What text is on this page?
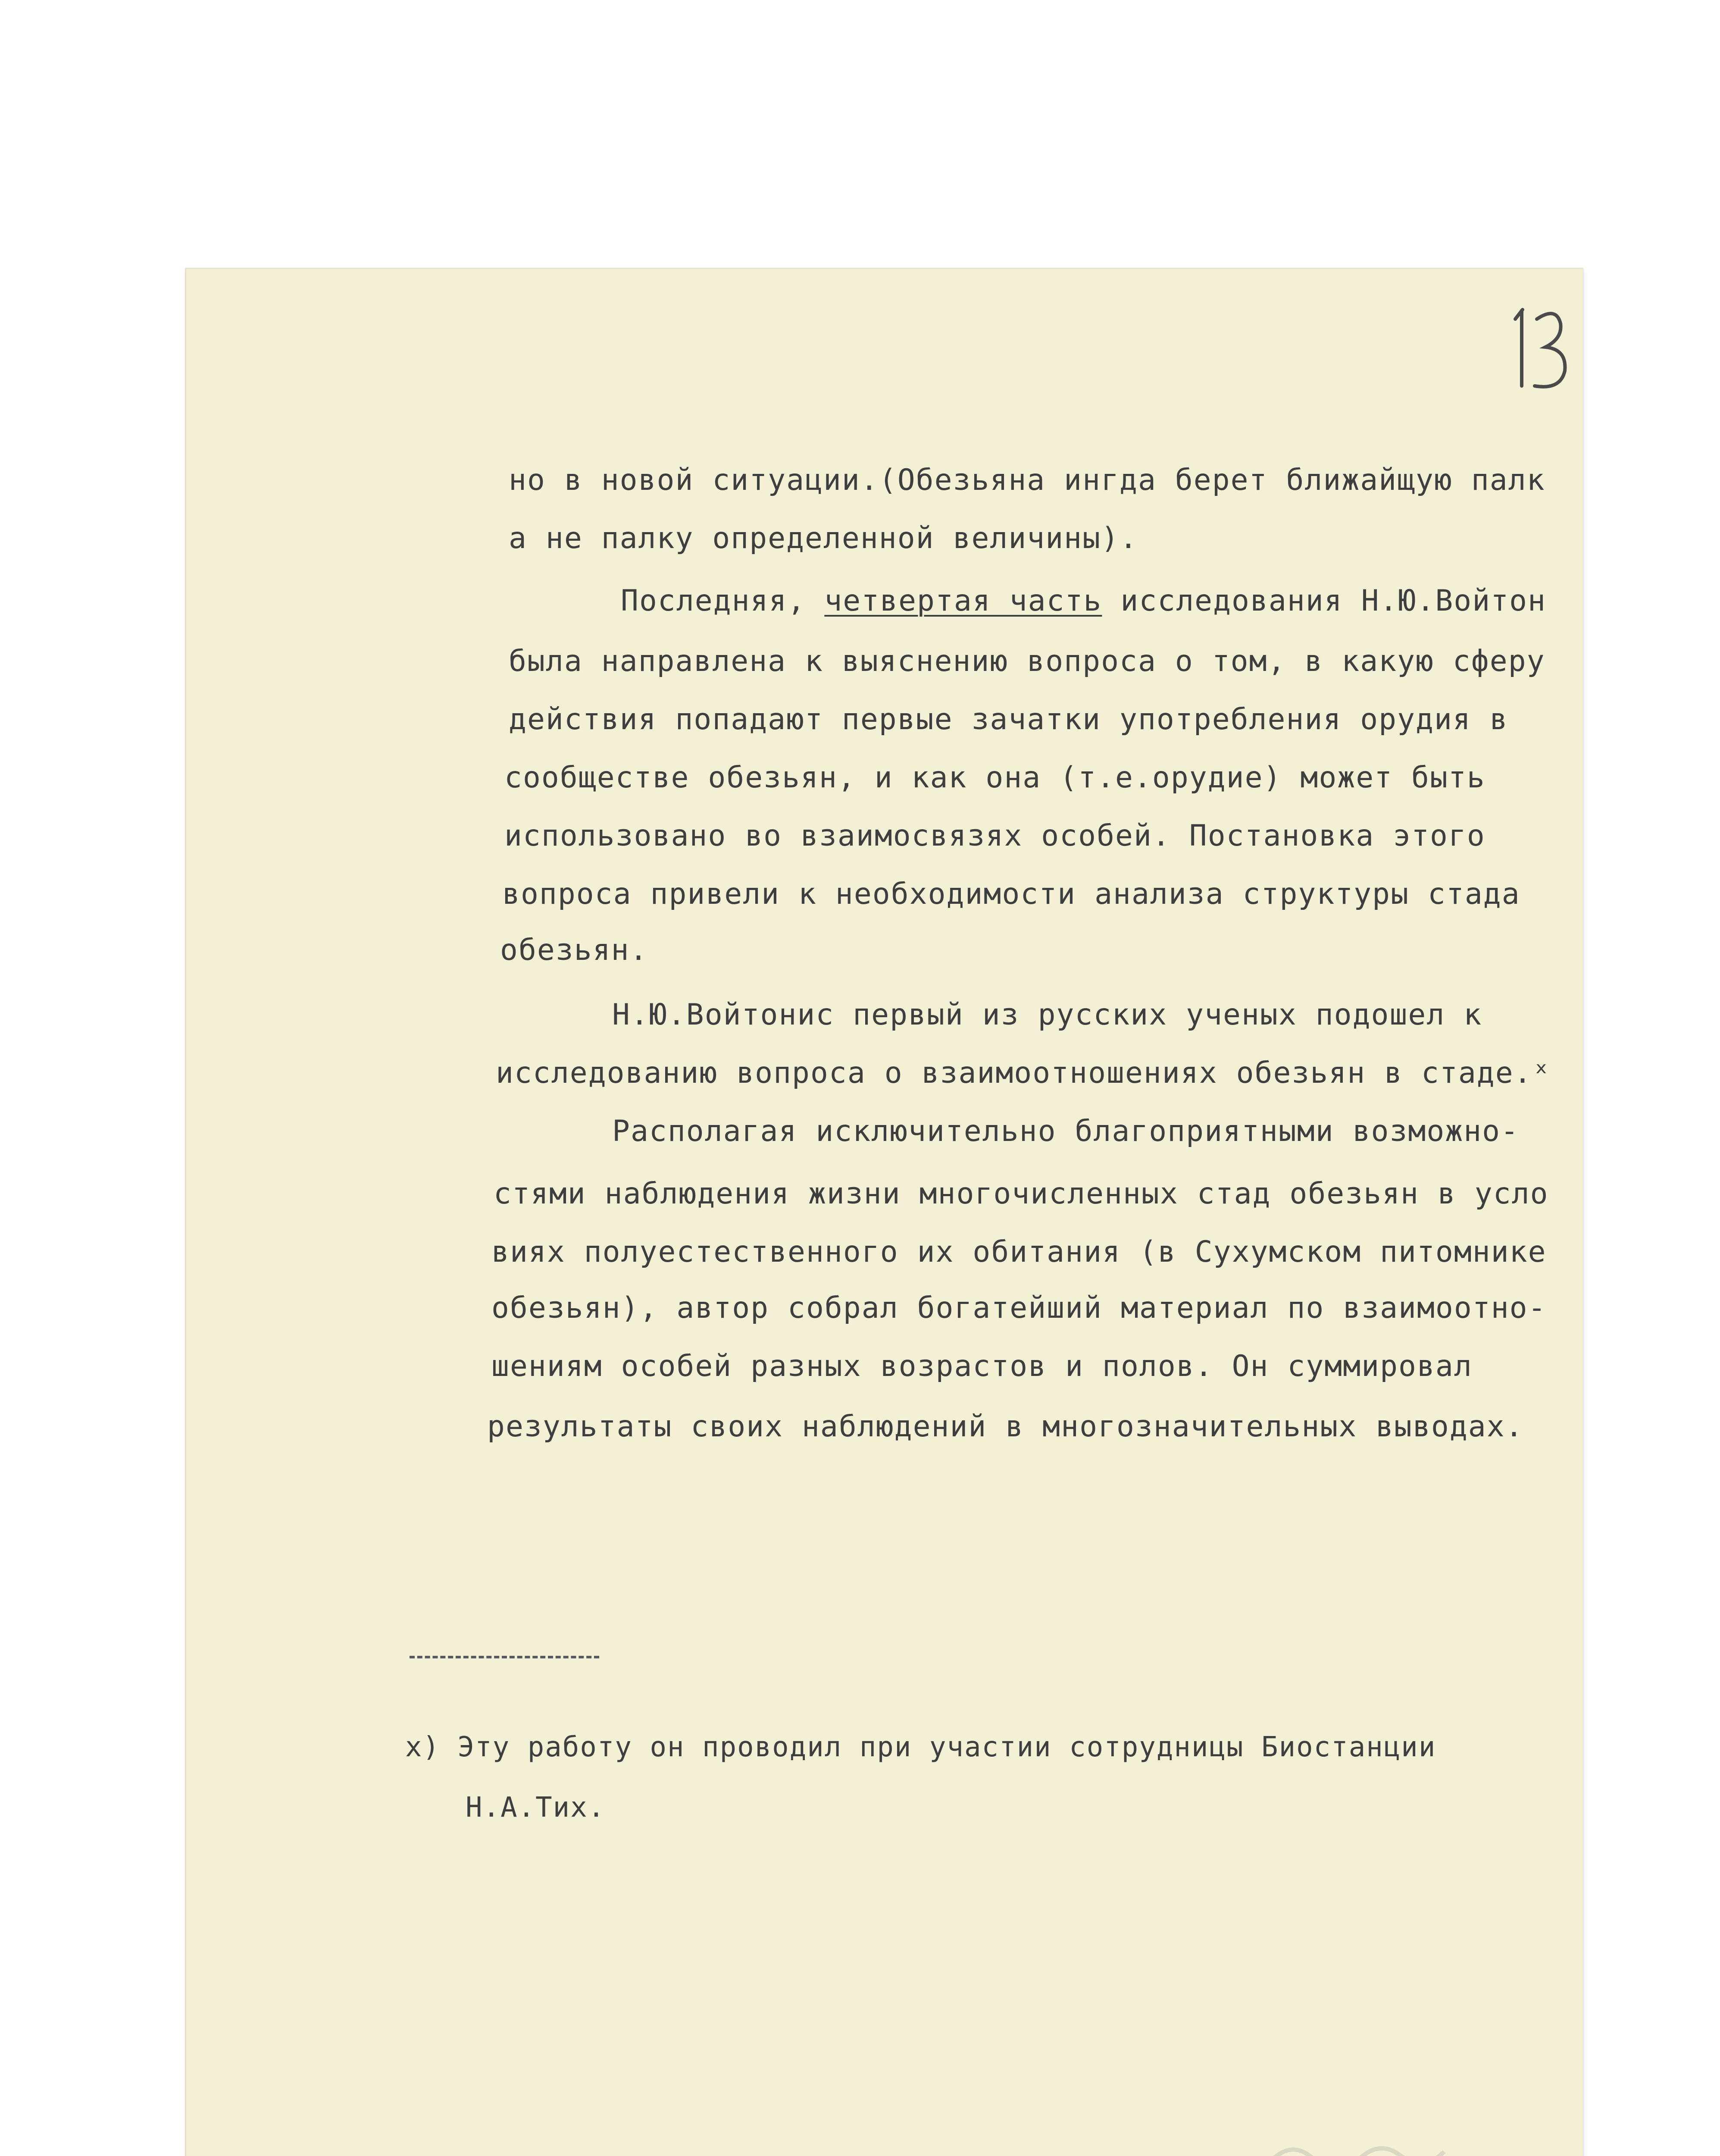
но в новой ситуации.(Обезьяна ингда берет ближайщую палк
а не палку определенной величины).
Последняя, четвертая часть исследования Н.Ю.Войтон
была направлена к выяснению вопроса о том, в какую сферу
действия попадают первые зачатки употребления орудия в
сообществе обезьян, и как она (т.е.орудие) может быть
использовано во взаимосвязях особей. Постановка этого
вопроса привели к необходимости анализа структуры стада
обезьян.
Н.Ю.Войтонис первый из русских ученых подошел к
исследованию вопроса о взаимоотношениях обезьян в стаде.ˣ
Располагая исключительно благоприятными возможно-
стями наблюдения жизни многочисленных стад обезьян в усло
виях полуестественного их обитания (в Сухумском питомнике
обезьян), автор собрал богатейший материал по взаимоотно-
шениям особей разных возрастов и полов. Он суммировал
результаты своих наблюдений в многозначительных выводах.
х) Эту работу он проводил при участии сотрудницы Биостанции
Н.А.Тих.
